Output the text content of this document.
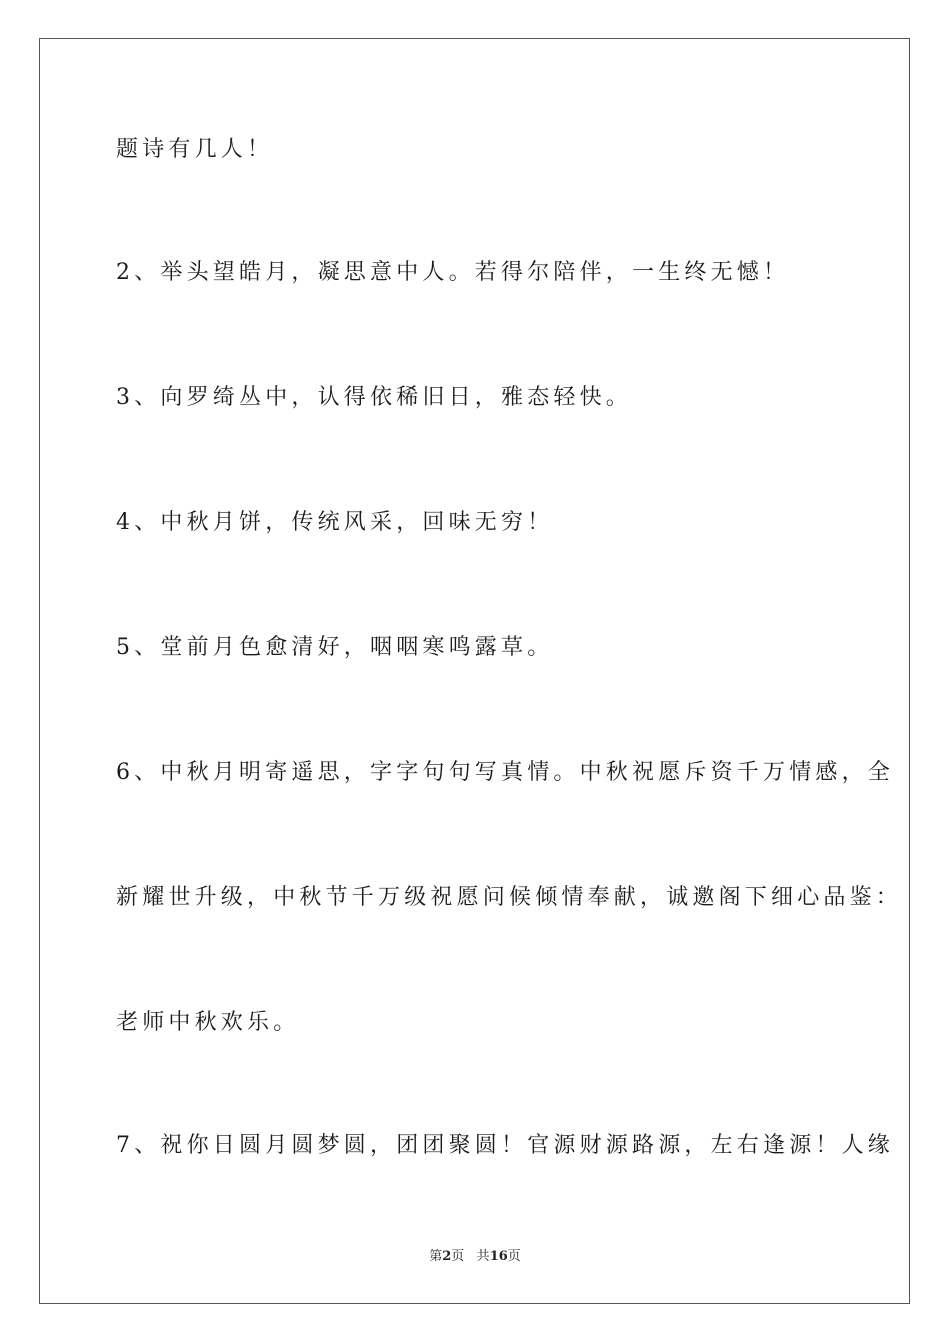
题诗有几人！
2、举头望皓月，凝思意中人。若得尔陪伴，一生终无憾！
3、向罗绮丛中，认得依稀旧日，雅态轻快。
4、中秋月饼，传统风采，回味无穷！
5、堂前月色愈清好，咽咽寒鸣露草。
6、中秋月明寄遥思，字字句句写真情。中秋祝愿斥资千万情感，全
新耀世升级，中秋节千万级祝愿问候倾情奉献，诚邀阁下细心品鉴：
老师中秋欢乐。
7、祝你日圆月圆梦圆，团团聚圆！官源财源路源，左右逢源！人缘
第2页 共16页
